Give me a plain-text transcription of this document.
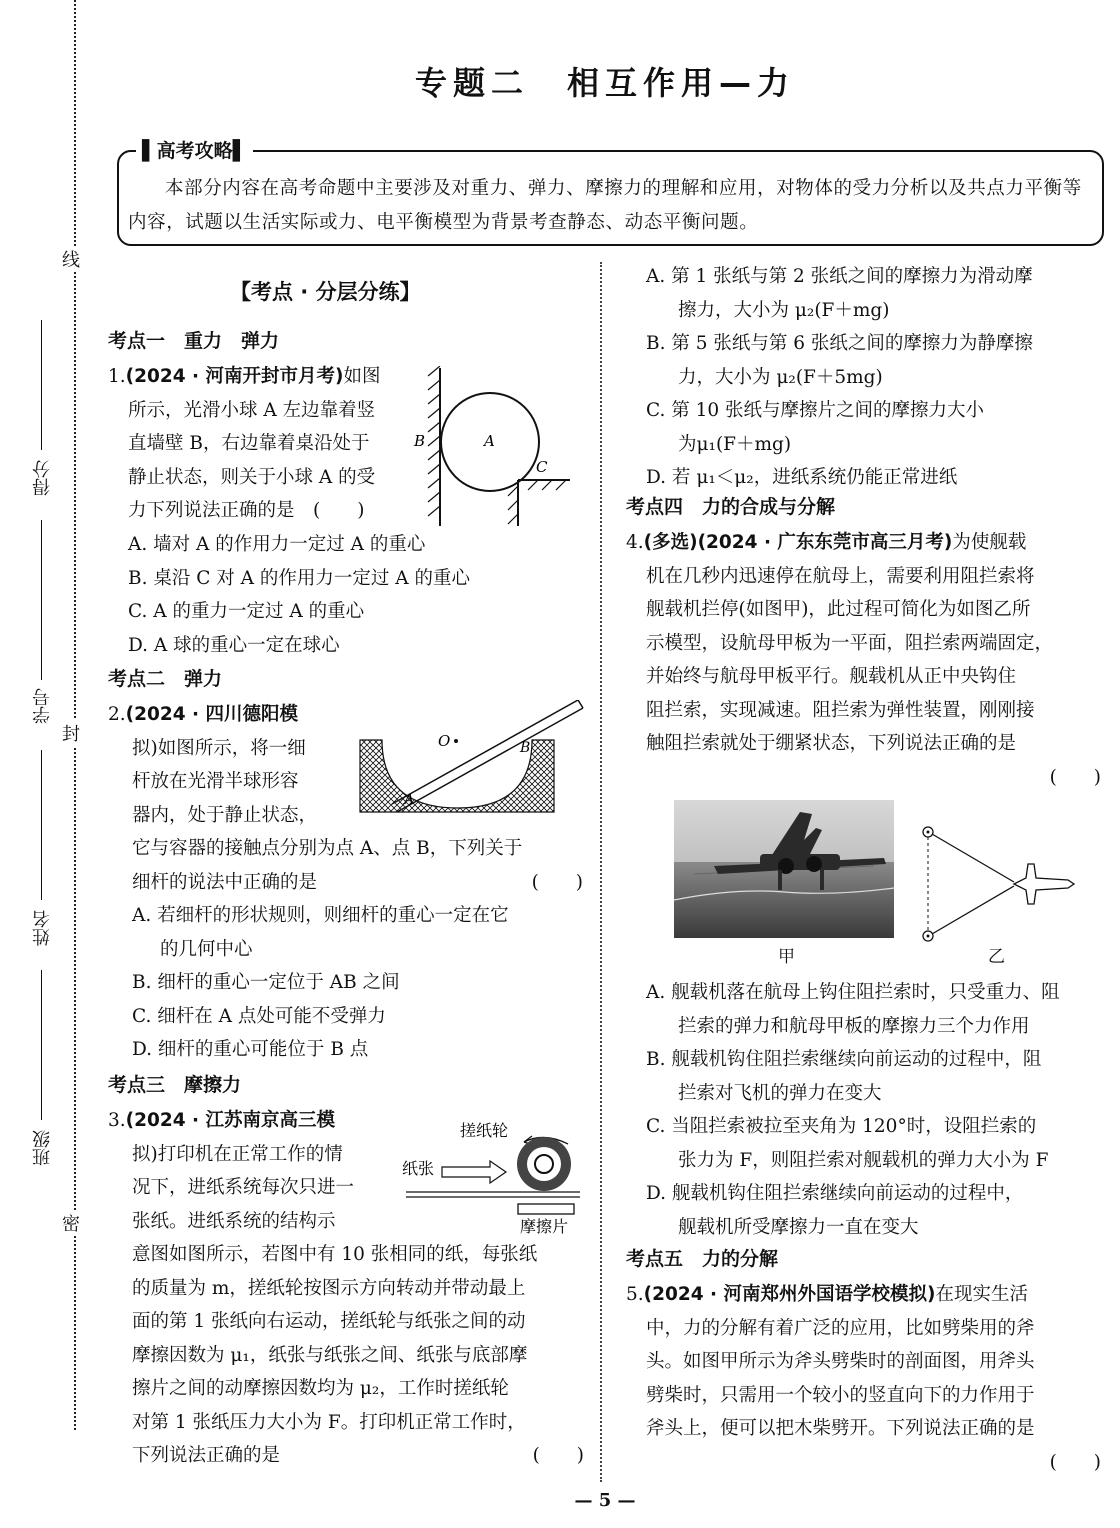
专题二　相互作用—力
▌高考攻略▌
本部分内容在高考命题中主要涉及对重力、弹力、摩擦力的理解和应用，对物体的受力分析以及共点力平衡等内容，试题以生活实际或力、电平衡模型为背景考查静态、动态平衡问题。
线
封
密
得分
学号
姓名
班级
【考点 · 分层分练】
考点一　重力　弹力

1.(2024 · 河南开封市月考)如图

所示，光滑小球 A 左边靠着竖

直墙壁 B，右边靠着桌沿处于

静止状态，则关于小球 A 的受

力下列说法正确的是　 (　　)

B	A
C

A. 墙对 A 的作用力一定过 A 的重心

B. 桌沿 C 对 A 的作用力一定过 A 的重心

C. A 的重力一定过 A 的重心

D. A 球的重心一定在球心

考点二　弹力

2.(2024 · 四川德阳模

拟)如图所示，将一细

杆放在光滑半球形容

器内，处于静止状态，

它与容器的接触点分别为点 A、点 B，下列关于

细杆的说法中正确的是	(　　)

A. 若细杆的形状规则，则细杆的重心一定在它

的几何中心

B. 细杆的重心一定位于 AB 之间

C. 细杆在 A 点处可能不受弹力

D. 细杆的重心可能位于 B 点

O
A
B
考点三　摩擦力

3.(2024 · 江苏南京高三模

拟)打印机在正常工作的情

况下，进纸系统每次只进一

张纸。进纸系统的结构示

意图如图所示，若图中有 10 张相同的纸，每张纸

的质量为 m，搓纸轮按图示方向转动并带动最上

面的第 1 张纸向右运动，搓纸轮与纸张之间的动

摩擦因数为 μ₁，纸张与纸张之间、纸张与底部摩

擦片之间的动摩擦因数均为 μ₂，工作时搓纸轮

对第 1 张纸压力大小为 F。打印机正常工作时，

下列说法正确的是	(　　)

搓纸轮
纸张
摩擦片

A. 第 1 张纸与第 2 张纸之间的摩擦力为滑动摩

擦力，大小为 μ₂(F＋mg)

B. 第 5 张纸与第 6 张纸之间的摩擦力为静摩擦

力，大小为 μ₂(F＋5mg)

C. 第 10 张纸与摩擦片之间的摩擦力大小

为μ₁(F＋mg)

D. 若 μ₁＜μ₂，进纸系统仍能正常进纸

考点四　力的合成与分解

4.(多选)(2024 · 广东东莞市高三月考)为使舰载

机在几秒内迅速停在航母上，需要利用阻拦索将

舰载机拦停(如图甲)，此过程可简化为如图乙所

示模型，设航母甲板为一平面，阻拦索两端固定，

并始终与航母甲板平行。舰载机从正中央钩住

阻拦索，实现减速。阻拦索为弹性装置，刚刚接

触阻拦索就处于绷紧状态，下列说法正确的是

(　　)

甲	乙

A. 舰载机落在航母上钩住阻拦索时，只受重力、阻

拦索的弹力和航母甲板的摩擦力三个力作用

B. 舰载机钩住阻拦索继续向前运动的过程中，阻

拦索对飞机的弹力在变大

C. 当阻拦索被拉至夹角为 120°时，设阻拦索的

张力为 F，则阻拦索对舰载机的弹力大小为 F

D. 舰载机钩住阻拦索继续向前运动的过程中，

舰载机所受摩擦力一直在变大

考点五　力的分解

5.(2024 · 河南郑州外国语学校模拟)在现实生活

中，力的分解有着广泛的应用，比如劈柴用的斧

头。如图甲所示为斧头劈柴时的剖面图，用斧头

劈柴时，只需用一个较小的竖直向下的力作用于

斧头上，便可以把木柴劈开。下列说法正确的是

(　　)

— 5 —
